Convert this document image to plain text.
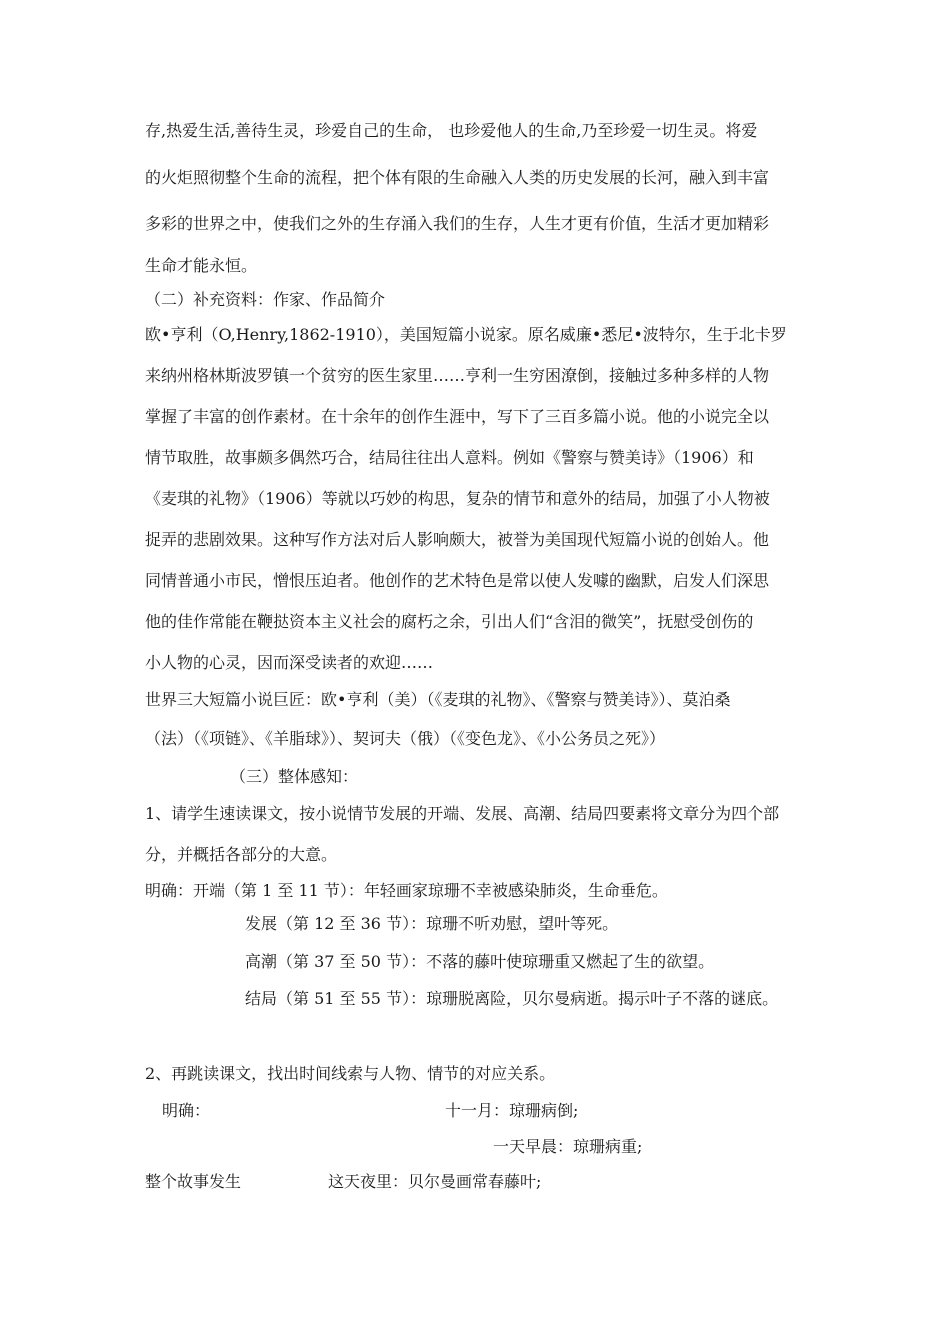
存,热爱生活,善待生灵，珍爱自己的生命， 也珍爱他人的生命,乃至珍爱一切生灵。将爱
的火炬照彻整个生命的流程，把个体有限的生命融入人类的历史发展的长河，融入到丰富
多彩的世界之中，使我们之外的生存涌入我们的生存，人生才更有价值，生活才更加精彩
生命才能永恒。
（二）补充资料：作家、作品简介
欧•亨利（O,Henry,1862-1910），美国短篇小说家。原名威廉•悉尼•波特尔，生于北卡罗
来纳州格林斯波罗镇一个贫穷的医生家里……亨利一生穷困潦倒，接触过多种多样的人物
掌握了丰富的创作素材。在十余年的创作生涯中，写下了三百多篇小说。他的小说完全以
情节取胜，故事颇多偶然巧合，结局往往出人意料。例如《警察与赞美诗》（1906）和
《麦琪的礼物》（1906）等就以巧妙的构思，复杂的情节和意外的结局，加强了小人物被
捉弄的悲剧效果。这种写作方法对后人影响颇大，被誉为美国现代短篇小说的创始人。他
同情普通小市民，憎恨压迫者。他创作的艺术特色是常以使人发噱的幽默，启发人们深思
他的佳作常能在鞭挞资本主义社会的腐朽之余，引出人们“含泪的微笑”，抚慰受创伤的
小人物的心灵，因而深受读者的欢迎……
世界三大短篇小说巨匠：欧•亨利（美）（《麦琪的礼物》、《警察与赞美诗》）、莫泊桑
（法）（《项链》、《羊脂球》）、契诃夫（俄）（《变色龙》、《小公务员之死》）
（三）整体感知：
1、请学生速读课文，按小说情节发展的开端、发展、高潮、结局四要素将文章分为四个部
分，并概括各部分的大意。
明确：开端（第 1 至 11 节）：年轻画家琼珊不幸被感染肺炎，生命垂危。
发展（第 12 至 36 节）：琼珊不听劝慰，望叶等死。
高潮（第 37 至 50 节）：不落的藤叶使琼珊重又燃起了生的欲望。
结局（第 51 至 55 节）：琼珊脱离险，贝尔曼病逝。揭示叶子不落的谜底。
2、再跳读课文，找出时间线索与人物、情节的对应关系。
明确：	十一月：琼珊病倒;
一天早晨：琼珊病重;
整个故事发生	这天夜里：贝尔曼画常春藤叶;
